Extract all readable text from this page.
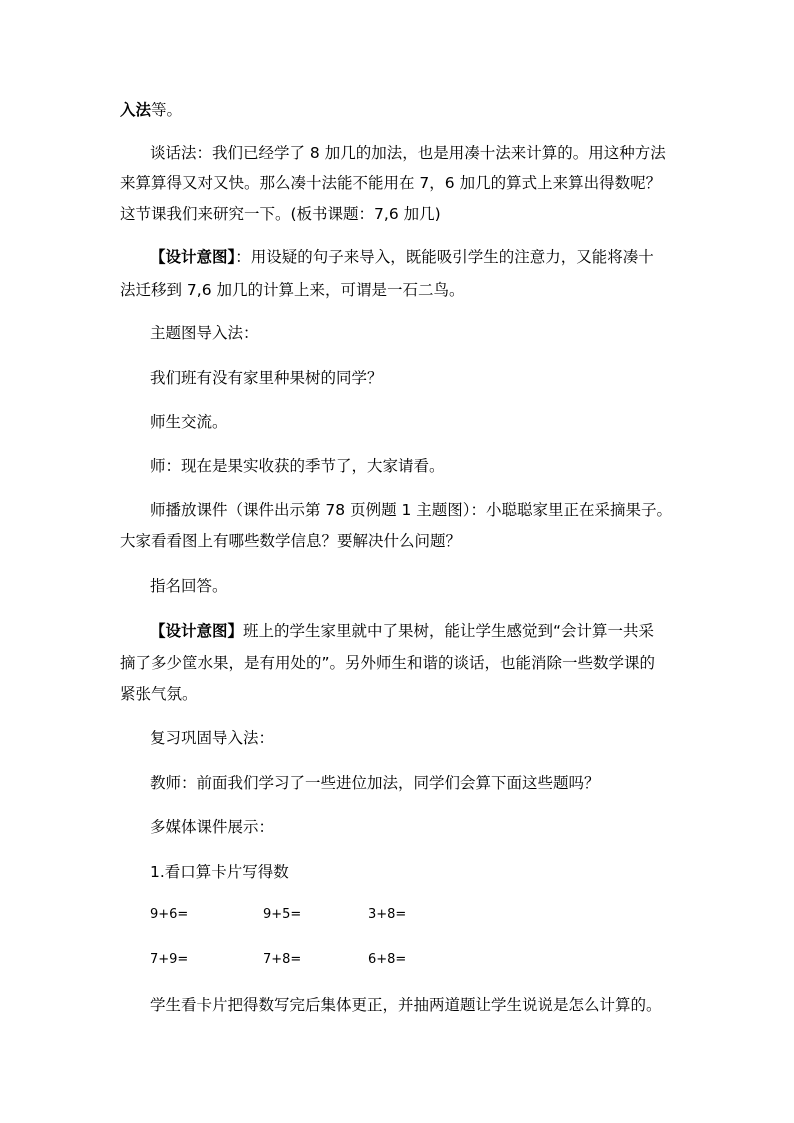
入法等。
谈话法：我们已经学了 8 加几的加法，也是用凑十法来计算的。用这种方法
来算算得又对又快。那么凑十法能不能用在 7，6 加几的算式上来算出得数呢？
这节课我们来研究一下。(板书课题：7,6 加几)
【设计意图】：用设疑的句子来导入，既能吸引学生的注意力，又能将凑十
法迁移到 7,6 加几的计算上来，可谓是一石二鸟。
主题图导入法：
我们班有没有家里种果树的同学？
师生交流。
师：现在是果实收获的季节了，大家请看。
师播放课件（课件出示第 78 页例题 1 主题图）：小聪聪家里正在采摘果子。
大家看看图上有哪些数学信息？要解决什么问题？
指名回答。
【设计意图】班上的学生家里就中了果树，能让学生感觉到“会计算一共采
摘了多少筐水果，是有用处的”。另外师生和谐的谈话，也能消除一些数学课的
紧张气氛。
复习巩固导入法：
教师：前面我们学习了一些进位加法，同学们会算下面这些题吗？
多媒体课件展示：
1.看口算卡片写得数
9+6=	9+5=	3+8=
7+9=	7+8=	6+8=
学生看卡片把得数写完后集体更正，并抽两道题让学生说说是怎么计算的。
